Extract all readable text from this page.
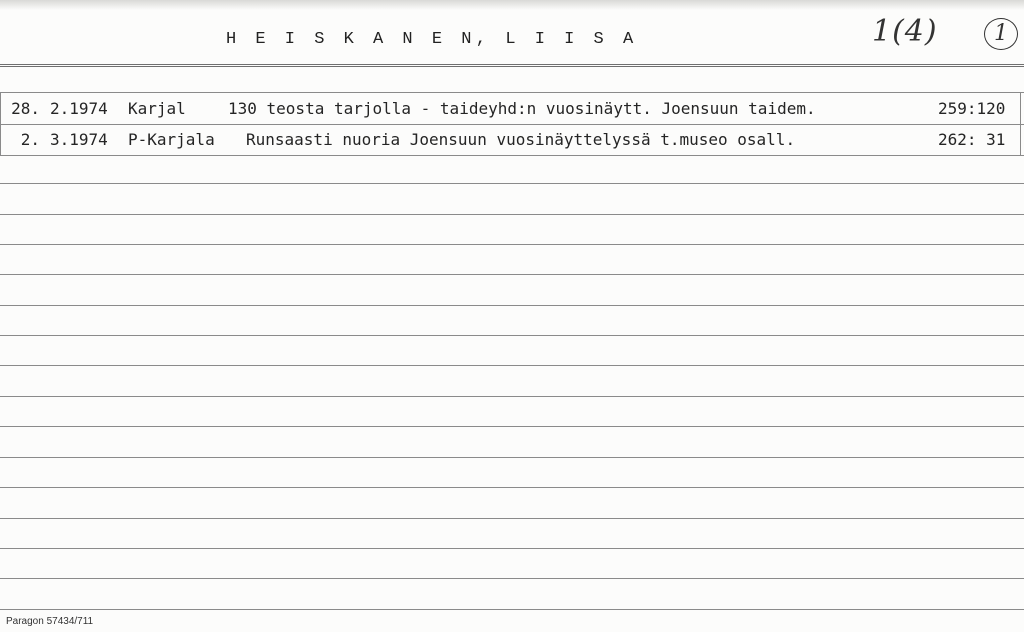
H E I S K A N E N, L I I S A	1(4)	1
28. 2.1974 Karjal	130 teosta tarjolla - taideyhd:n vuosinäytt. Joensuun taidem.	259:120
2. 3.1974 P-Karjala Runsaasti nuoria Joensuun vuosinäyttelyssä t.museo osall.	262: 31
Paragon 57434/711
